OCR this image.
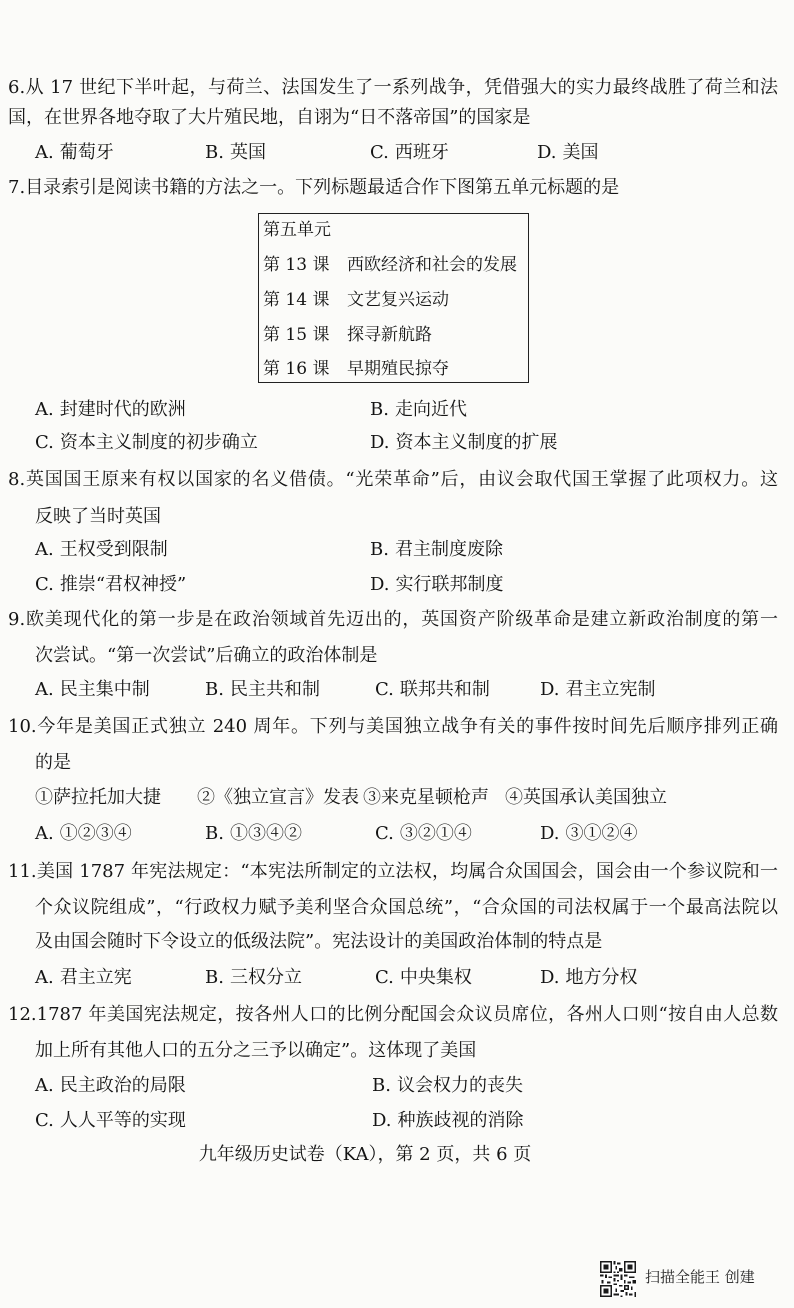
6.从 17 世纪下半叶起，与荷兰、法国发生了一系列战争，凭借强大的实力最终战胜了荷兰和法
国，在世界各地夺取了大片殖民地，自诩为“日不落帝国”的国家是
A. 葡萄牙	B. 英国	C. 西班牙	D. 美国
7.目录索引是阅读书籍的方法之一。下列标题最适合作下图第五单元标题的是
第五单元
第 13 课 西欧经济和社会的发展
第 14 课 文艺复兴运动
第 15 课 探寻新航路
第 16 课 早期殖民掠夺
A. 封建时代的欧洲	B. 走向近代
C. 资本主义制度的初步确立	D. 资本主义制度的扩展
8.英国国王原来有权以国家的名义借债。“光荣革命”后，由议会取代国王掌握了此项权力。这
反映了当时英国
A. 王权受到限制	B. 君主制度废除
C. 推崇“君权神授”	D. 实行联邦制度
9.欧美现代化的第一步是在政治领域首先迈出的，英国资产阶级革命是建立新政治制度的第一
次尝试。“第一次尝试”后确立的政治体制是
A. 民主集中制	B. 民主共和制	C. 联邦共和制	D. 君主立宪制
10.今年是美国正式独立 240 周年。下列与美国独立战争有关的事件按时间先后顺序排列正确
的是
①萨拉托加大捷 ②《独立宣言》发表 ③来克星顿枪声 ④英国承认美国独立
A. ①②③④	B. ①③④②	C. ③②①④	D. ③①②④
11.美国 1787 年宪法规定：“本宪法所制定的立法权，均属合众国国会，国会由一个参议院和一
个众议院组成”，“行政权力赋予美利坚合众国总统”，“合众国的司法权属于一个最高法院以
及由国会随时下令设立的低级法院”。宪法设计的美国政治体制的特点是
A. 君主立宪	B. 三权分立	C. 中央集权	D. 地方分权
12.1787 年美国宪法规定，按各州人口的比例分配国会众议员席位，各州人口则“按自由人总数
加上所有其他人口的五分之三予以确定”。这体现了美国
A. 民主政治的局限	B. 议会权力的丧失
C. 人人平等的实现	D. 种族歧视的消除
九年级历史试卷（KA），第 2 页，共 6 页
扫描全能王 创建
